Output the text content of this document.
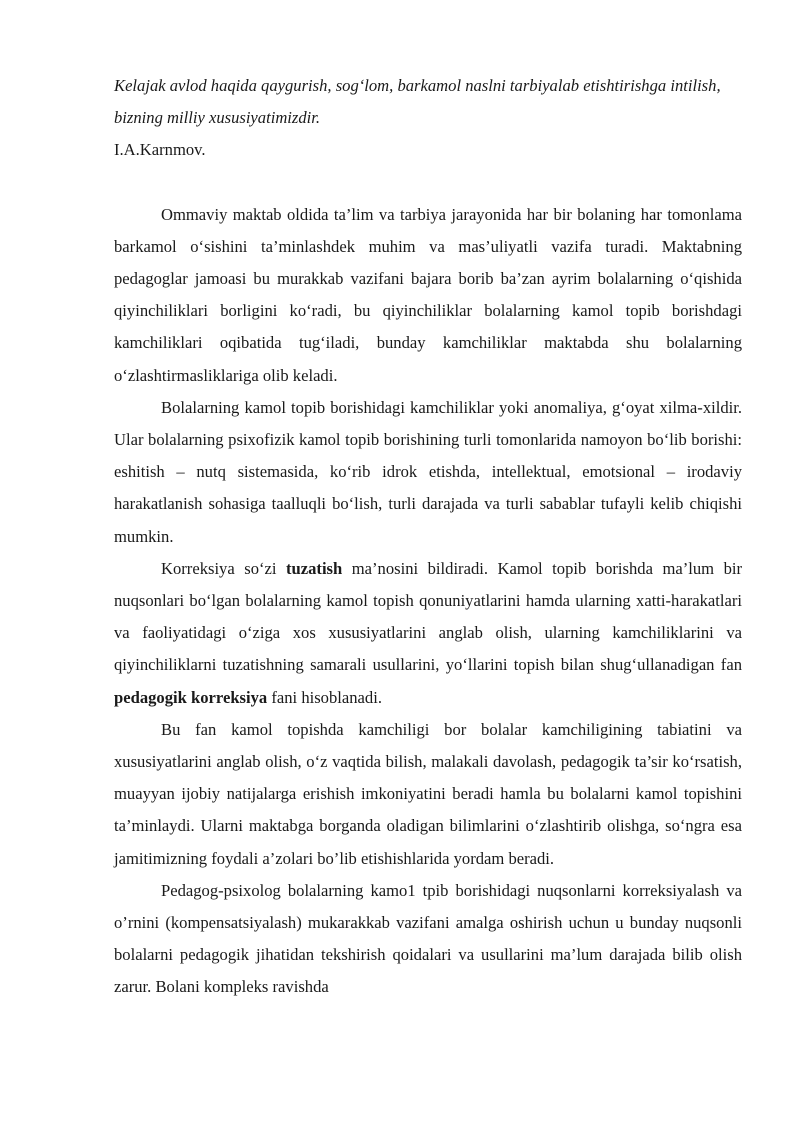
Kelajak avlod haqida qaygurish, sog‘lom, barkamol naslni tarbiyalab etishtirishga intilish, bizning milliy xususiyatimizdir.

I.A.Karnmov.

Ommaviy maktab oldida ta’lim va tarbiya jarayonida har bir bolaning har tomonlama barkamol o‘sishini ta’minlashdek muhim va mas’uliyatli vazifa turadi. Maktabning pedagoglar jamoasi bu murakkab vazifani bajara borib ba’zan ayrim bolalarning o‘qishida qiyinchiliklari borligini ko‘radi, bu qiyinchiliklar bolalarning kamol topib borishdagi kamchiliklari oqibatida tug‘iladi, bunday kamchiliklar maktabda shu bolalarning o‘zlashtirmasliklariga olib keladi.

Bolalarning kamol topib borishidagi kamchiliklar yoki anomaliya, g‘oyat xilma-xildir. Ular bolalarning psixofizik kamol topib borishining turli tomonlarida namoyon bo‘lib borishi: eshitish – nutq sistemasida, ko‘rib idrok etishda, intellektual, emotsional – irodaviy harakatlanish sohasiga taalluqli bo‘lish, turli darajada va turli sabablar tufayli kelib chiqishi mumkin.

Korreksiya so‘zi tuzatish ma’nosini bildiradi. Kamol topib borishda ma’lum bir nuqsonlari bo‘lgan bolalarning kamol topish qonuniyatlarini hamda ularning xatti-harakatlari va faoliyatidagi o‘ziga xos xususiyatlarini anglab olish, ularning kamchiliklarini va qiyinchiliklarni tuzatishning samarali usullarini, yo‘llarini topish bilan shug‘ullanadigan fan pedagogik korreksiya fani hisoblanadi.

Bu fan kamol topishda kamchiligi bor bolalar kamchiligining tabiatini va xususiyatlarini anglab olish, o‘z vaqtida bilish, malakali davolash, pedagogik ta’sir ko‘rsatish, muayyan ijobiy natijalarga erishish imkoniyatini beradi hamla bu bolalarni kamol topishini ta’minlaydi. Ularni maktabga borganda oladigan bilimlarini o‘zlashtirib olishga, so‘ngra esa jamitimizning foydali a’zolari bo’lib etishishlarida yordam beradi.

Pedagog-psixolog bolalarning kamo1 tpib borishidagi nuqsonlarni korreksiyalash va o’rnini (kompensatsiyalash) mukarakkab vazifani amalga oshirish uchun u bunday nuqsonli bolalarni pedagogik jihatidan tekshirish qoidalari va usullarini ma’lum darajada bilib olish zarur. Bolani kompleks ravishda
